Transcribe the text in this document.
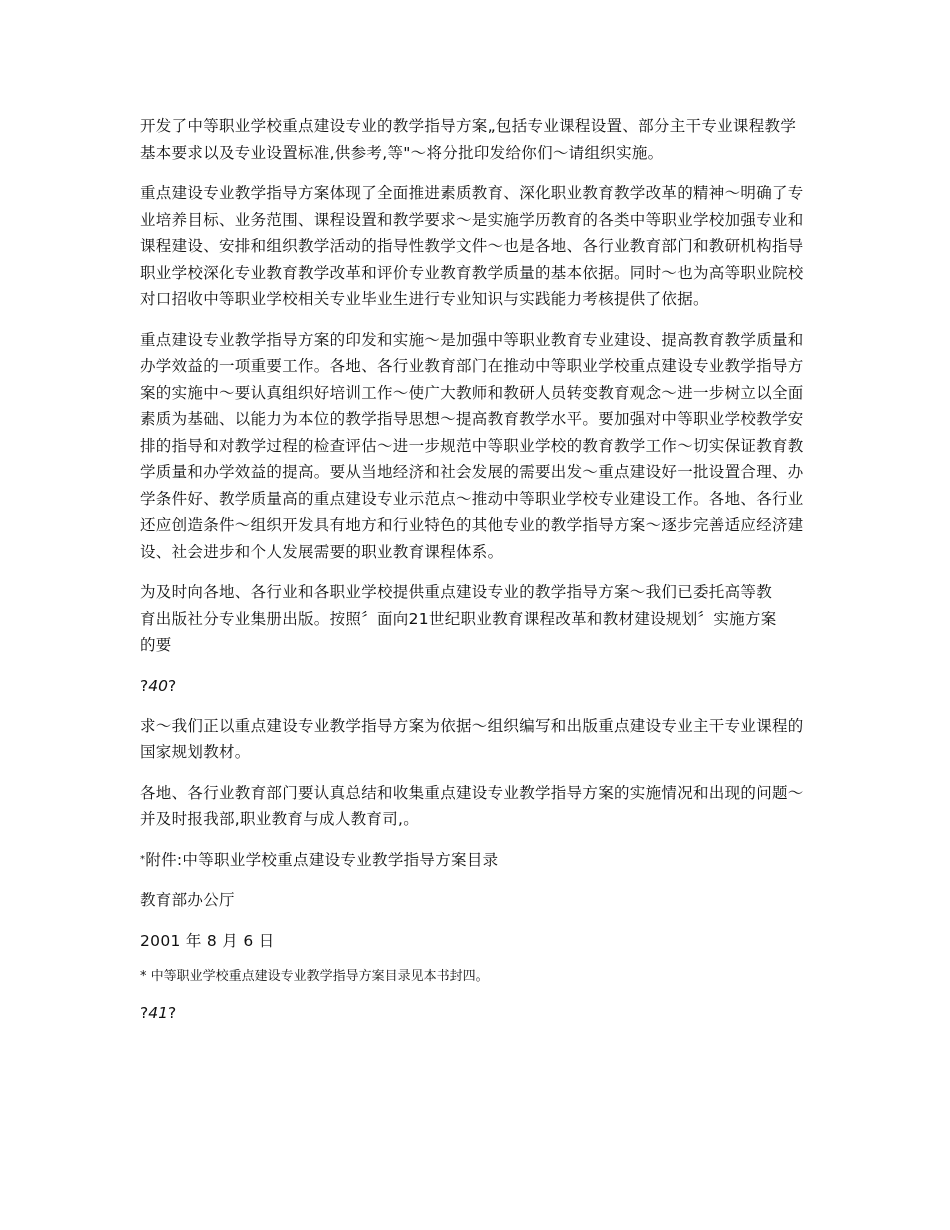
开发了中等职业学校重点建设专业的教学指导方案„包括专业课程设置、部分主干专业课程教学基本要求以及专业设置标准,供参考,等"～将分批印发给你们～请组织实施。

重点建设专业教学指导方案体现了全面推进素质教育、深化职业教育教学改革的精神～明确了专业培养目标、业务范围、课程设置和教学要求～是实施学历教育的各类中等职业学校加强专业和课程建设、安排和组织教学活动的指导性教学文件～也是各地、各行业教育部门和教研机构指导职业学校深化专业教育教学改革和评价专业教育教学质量的基本依据。同时～也为高等职业院校对口招收中等职业学校相关专业毕业生进行专业知识与实践能力考核提供了依据。

重点建设专业教学指导方案的印发和实施～是加强中等职业教育专业建设、提高教育教学质量和办学效益的一项重要工作。各地、各行业教育部门在推动中等职业学校重点建设专业教学指导方案的实施中～要认真组织好培训工作～使广大教师和教研人员转变教育观念～进一步树立以全面素质为基础、以能力为本位的教学指导思想～提高教育教学水平。要加强对中等职业学校教学安排的指导和对教学过程的检查评估～进一步规范中等职业学校的教育教学工作～切实保证教育教学质量和办学效益的提高。要从当地经济和社会发展的需要出发～重点建设好一批设置合理、办学条件好、教学质量高的重点建设专业示范点～推动中等职业学校专业建设工作。各地、各行业还应创造条件～组织开发具有地方和行业特色的其他专业的教学指导方案～逐步完善适应经济建设、社会进步和个人发展需要的职业教育课程体系。

为及时向各地、各行业和各职业学校提供重点建设专业的教学指导方案～我们已委托高等教育出版社分专业集册出版。按照〞面向21世纪职业教育课程改革和教材建设规划〞实施方案的要

?40?

求～我们正以重点建设专业教学指导方案为依据～组织编写和出版重点建设专业主干专业课程的国家规划教材。

各地、各行业教育部门要认真总结和收集重点建设专业教学指导方案的实施情况和出现的问题～并及时报我部,职业教育与成人教育司,。

*附件:中等职业学校重点建设专业教学指导方案目录

教育部办公厅

2001 年 8 月 6 日

* 中等职业学校重点建设专业教学指导方案目录见本书封四。

?41?
